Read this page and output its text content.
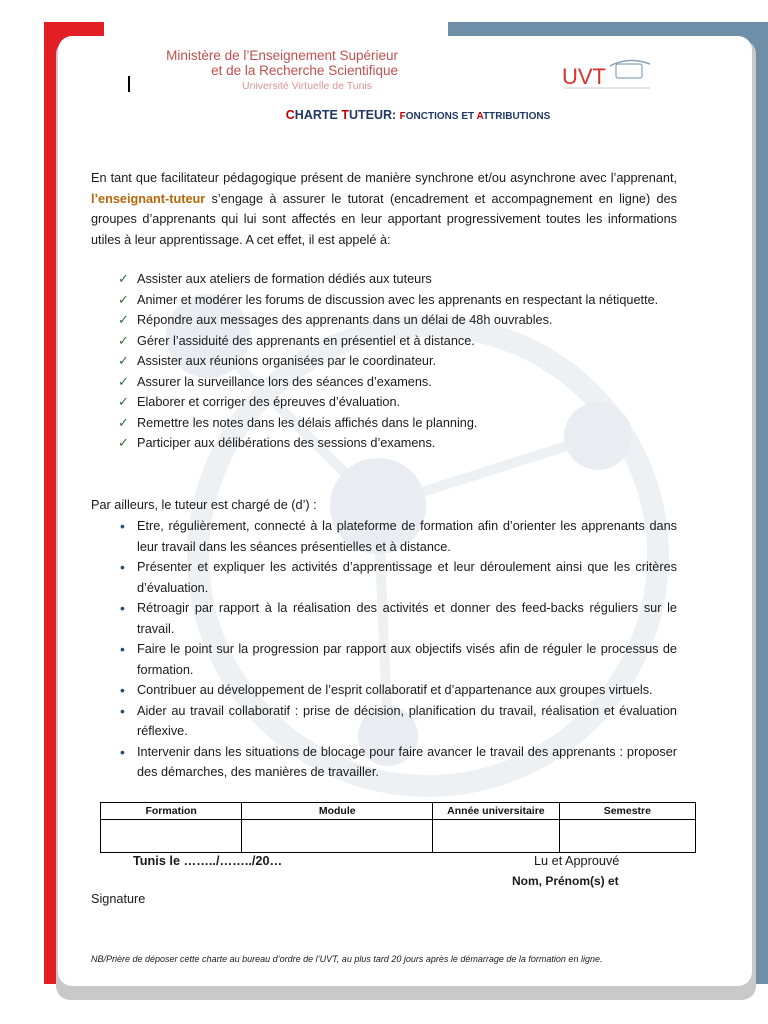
Ministère de l’Enseignement Supérieur
et de la Recherche Scientifique
Université Virtuelle de Tunis	UVT
CHARTE TUTEUR: FONCTIONS ET ATTRIBUTIONS
En tant que facilitateur pédagogique présent de manière synchrone et/ou asynchrone avec l’apprenant, l’enseignant-tuteur s’engage à assurer le tutorat (encadrement et accompagnement en ligne) des groupes d’apprenants qui lui sont affectés en leur apportant progressivement toutes les informations utiles à leur apprentissage. A cet effet, il est appelé à:
✓ Assister aux ateliers de formation dédiés aux tuteurs
✓ Animer et modérer les forums de discussion avec les apprenants en respectant la nétiquette.
✓ Répondre aux messages des apprenants dans un délai de 48h ouvrables.
✓ Gérer l’assiduité des apprenants en présentiel et à distance.
✓ Assister aux réunions organisées par le coordinateur.
✓ Assurer la surveillance lors des séances d’examens.
✓ Elaborer et corriger des épreuves d’évaluation.
✓ Remettre les notes dans les délais affichés dans le planning.
✓ Participer aux délibérations des sessions d’examens.
Par ailleurs, le tuteur est chargé de (d’) :
• Etre, régulièrement, connecté à la plateforme de formation afin d’orienter les apprenants dans leur travail dans les séances présentielles et à distance.
• Présenter et expliquer les activités d’apprentissage et leur déroulement ainsi que les critères d’évaluation.
• Rétroagir par rapport à la réalisation des activités et donner des feed-backs réguliers sur le travail.
• Faire le point sur la progression par rapport aux objectifs visés afin de réguler le processus de formation.
• Contribuer au développement de l’esprit collaboratif et d’appartenance aux groupes virtuels.
• Aider au travail collaboratif : prise de décision, planification du travail, réalisation et évaluation réflexive.
• Intervenir dans les situations de blocage pour faire avancer le travail des apprenants : proposer des démarches, des manières de travailler.
Formation	Module	Année universitaire	Semestre

Tunis le ……../……../20…	Lu et Approuvé
Nom, Prénom(s) et
Signature
NB/Prière de déposer cette charte au bureau d’ordre de l’UVT, au plus tard 20 jours après le démarrage de la formation en ligne.
